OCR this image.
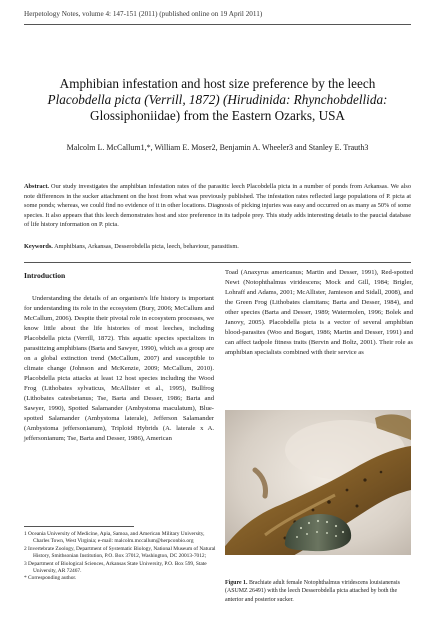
Herpetology Notes, volume 4: 147-151 (2011) (published online on 19 April 2011)
Amphibian infestation and host size preference by the leech
Placobdella picta (Verrill, 1872) (Hirudinida: Rhynchobdellida:
Glossiphoniidae) from the Eastern Ozarks, USA
Malcolm L. McCallum1,*, William E. Moser2, Benjamin A. Wheeler3 and Stanley E. Trauth3
Abstract. Our study investigates the amphibian infestation rates of the parasitic leech Placobdella picta in a number of ponds from Arkansas. We also note differences in the sucker attachment on the host from what was previously published. The infestation rates reflected large populations of P. picta at some ponds; whereas, we could find no evidence of it in other locations. Diagnosis of picking injuries was easy and occurred on as many as 50% of some species. It also appears that this leech demonstrates host and size preference in its tadpole prey. This study adds interesting details to the paucial database of life history information on P. picta.
Keywords. Amphibians, Arkansas, Desserobdella picta, leech, behaviour, parasitism.
Introduction

Understanding the details of an organism's life history is important for understanding its role in the ecosystem (Bury, 2006; McCallum and McCallum, 2006). Despite their pivotal role in ecosystem processes, we know little about the life histories of most leeches, including Placobdella picta (Verrill, 1872). This aquatic species specializes in parasitizing amphibians (Barta and Sawyer, 1990), which as a group are on a global extinction trend (McCallum, 2007) and susceptible to climate change (Johnson and McKenzie, 2009; McCallum, 2010). Placobdella picta attacks at least 12 host species including the Wood Frog (Lithobates sylvaticus, McAllister et al., 1995), Bullfrog (Lithobates catesbeianus; Tse, Barta and Desser, 1986; Barta and Sawyer, 1990), Spotted Salamander (Ambystoma maculatum), Blue-spotted Salamander (Ambystoma laterale), Jefferson Salamander (Ambystoma jeffersonianum), Triploid Hybrids (A. laterale x A. jeffersonianum; Tse, Barta and Desser, 1986), American

Toad (Anaxyrus americanus; Martin and Desser, 1991), Red-spotted Newt (Notophthalmus viridescens; Mock and Gill, 1984; Brigler, Lohraff and Adams, 2001; McAllister, Jamieson and Sidall, 2008), and the Green Frog (Lithobates clamitans; Barta and Desser, 1984), and other species (Barta and Desser, 1989; Watermolen, 1996; Bolek and Janovy, 2005). Placobdella picta is a vector of several amphibian blood-parasites (Woo and Bogart, 1986; Martin and Desser, 1991) and can affect tadpole fitness traits (Bervin and Boltz, 2001). Their role as amphibian specialists combined with their service as

Figure 1. Brachiate adult female Notophthalmus viridescens louisianensis (ASUMZ 26491) with the leech Desserobdella picta attached by both the anterior and posterior sucker.
1 Oceania University of Medicine, Apia, Samoa, and American Military University, Charles Town, West Virginia; e-mail: malcolm.mccallum@herpconbio.org
2 Invertebrate Zoology, Department of Systematic Biology, National Museum of Natural History, Smithsonian Institution, P.O. Box 37012, Washington, DC 20013-7012;
3 Department of Biological Sciences, Arkansas State University, P.O. Box 599, State University, AR 72467.
* Corresponding author.
